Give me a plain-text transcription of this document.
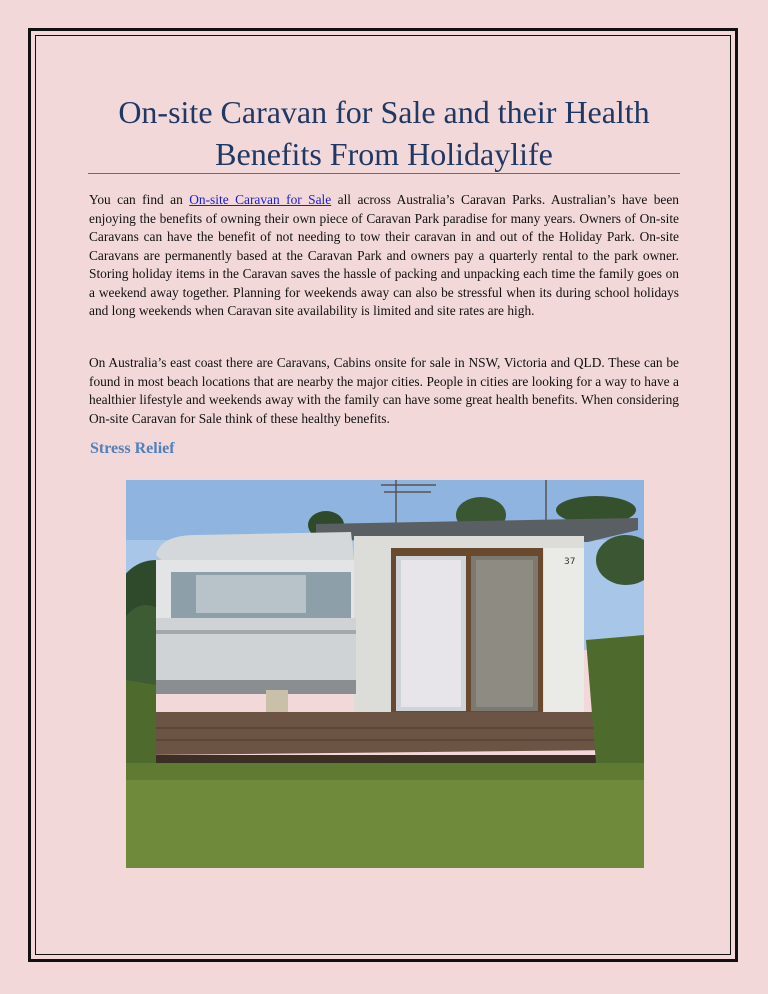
On-site Caravan for Sale and their Health Benefits From Holidaylife

You can find an On-site Caravan for Sale all across Australia’s Caravan Parks. Australian’s have been enjoying the benefits of owning their own piece of Caravan Park paradise for many years. Owners of On-site Caravans can have the benefit of not needing to tow their caravan in and out of the Holiday Park. On-site Caravans are permanently based at the Caravan Park and owners pay a quarterly rental to the park owner. Storing holiday items in the Caravan saves the hassle of packing and unpacking each time the family goes on a weekend away together. Planning for weekends away can also be stressful when its during school holidays and long weekends when Caravan site availability is limited and site rates are high.

On Australia’s east coast there are Caravans, Cabins onsite for sale in NSW, Victoria and QLD. These can be found in most beach locations that are nearby the major cities. People in cities are looking for a way to have a healthier lifestyle and weekends away with the family can have some great health benefits. When considering On-site Caravan for Sale think of these healthy benefits.

Stress Relief
37
